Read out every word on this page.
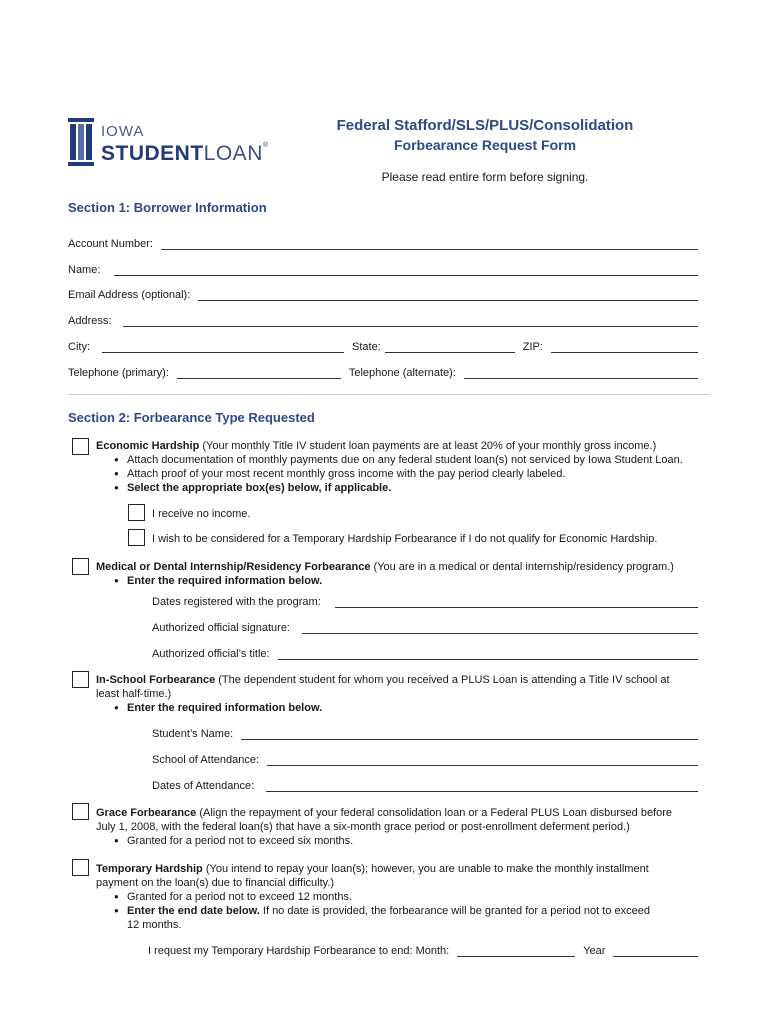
IOWA
STUDENTLOAN®
Federal Stafford/SLS/PLUS/Consolidation
Forbearance Request Form
Please read entire form before signing.
Section 1: Borrower Information
Account Number:
Name:
Email Address (optional):
Address:
City:	State:	ZIP:
Telephone (primary):	Telephone (alternate):
Section 2: Forbearance Type Requested
Economic Hardship (Your monthly Title IV student loan payments are at least 20% of your monthly gross income.)
● Attach documentation of monthly payments due on any federal student loan(s) not serviced by Iowa Student Loan.
● Attach proof of your most recent monthly gross income with the pay period clearly labeled.
● Select the appropriate box(es) below, if applicable.
I receive no income.
I wish to be considered for a Temporary Hardship Forbearance if I do not qualify for Economic Hardship.
Medical or Dental Internship/Residency Forbearance (You are in a medical or dental internship/residency program.)
● Enter the required information below.
Dates registered with the program:
Authorized official signature:
Authorized official’s title:
In-School Forbearance (The dependent student for whom you received a PLUS Loan is attending a Title IV school at
least half-time.)
● Enter the required information below.
Student’s Name:
School of Attendance:
Dates of Attendance:
Grace Forbearance (Align the repayment of your federal consolidation loan or a Federal PLUS Loan disbursed before
July 1, 2008, with the federal loan(s) that have a six-month grace period or post-enrollment deferment period.)
● Granted for a period not to exceed six months.
Temporary Hardship (You intend to repay your loan(s); however, you are unable to make the monthly installment
payment on the loan(s) due to financial difficulty.)
● Granted for a period not to exceed 12 months.
● Enter the end date below. If no date is provided, the forbearance will be granted for a period not to exceed
12 months.
I request my Temporary Hardship Forbearance to end: Month:	Year
